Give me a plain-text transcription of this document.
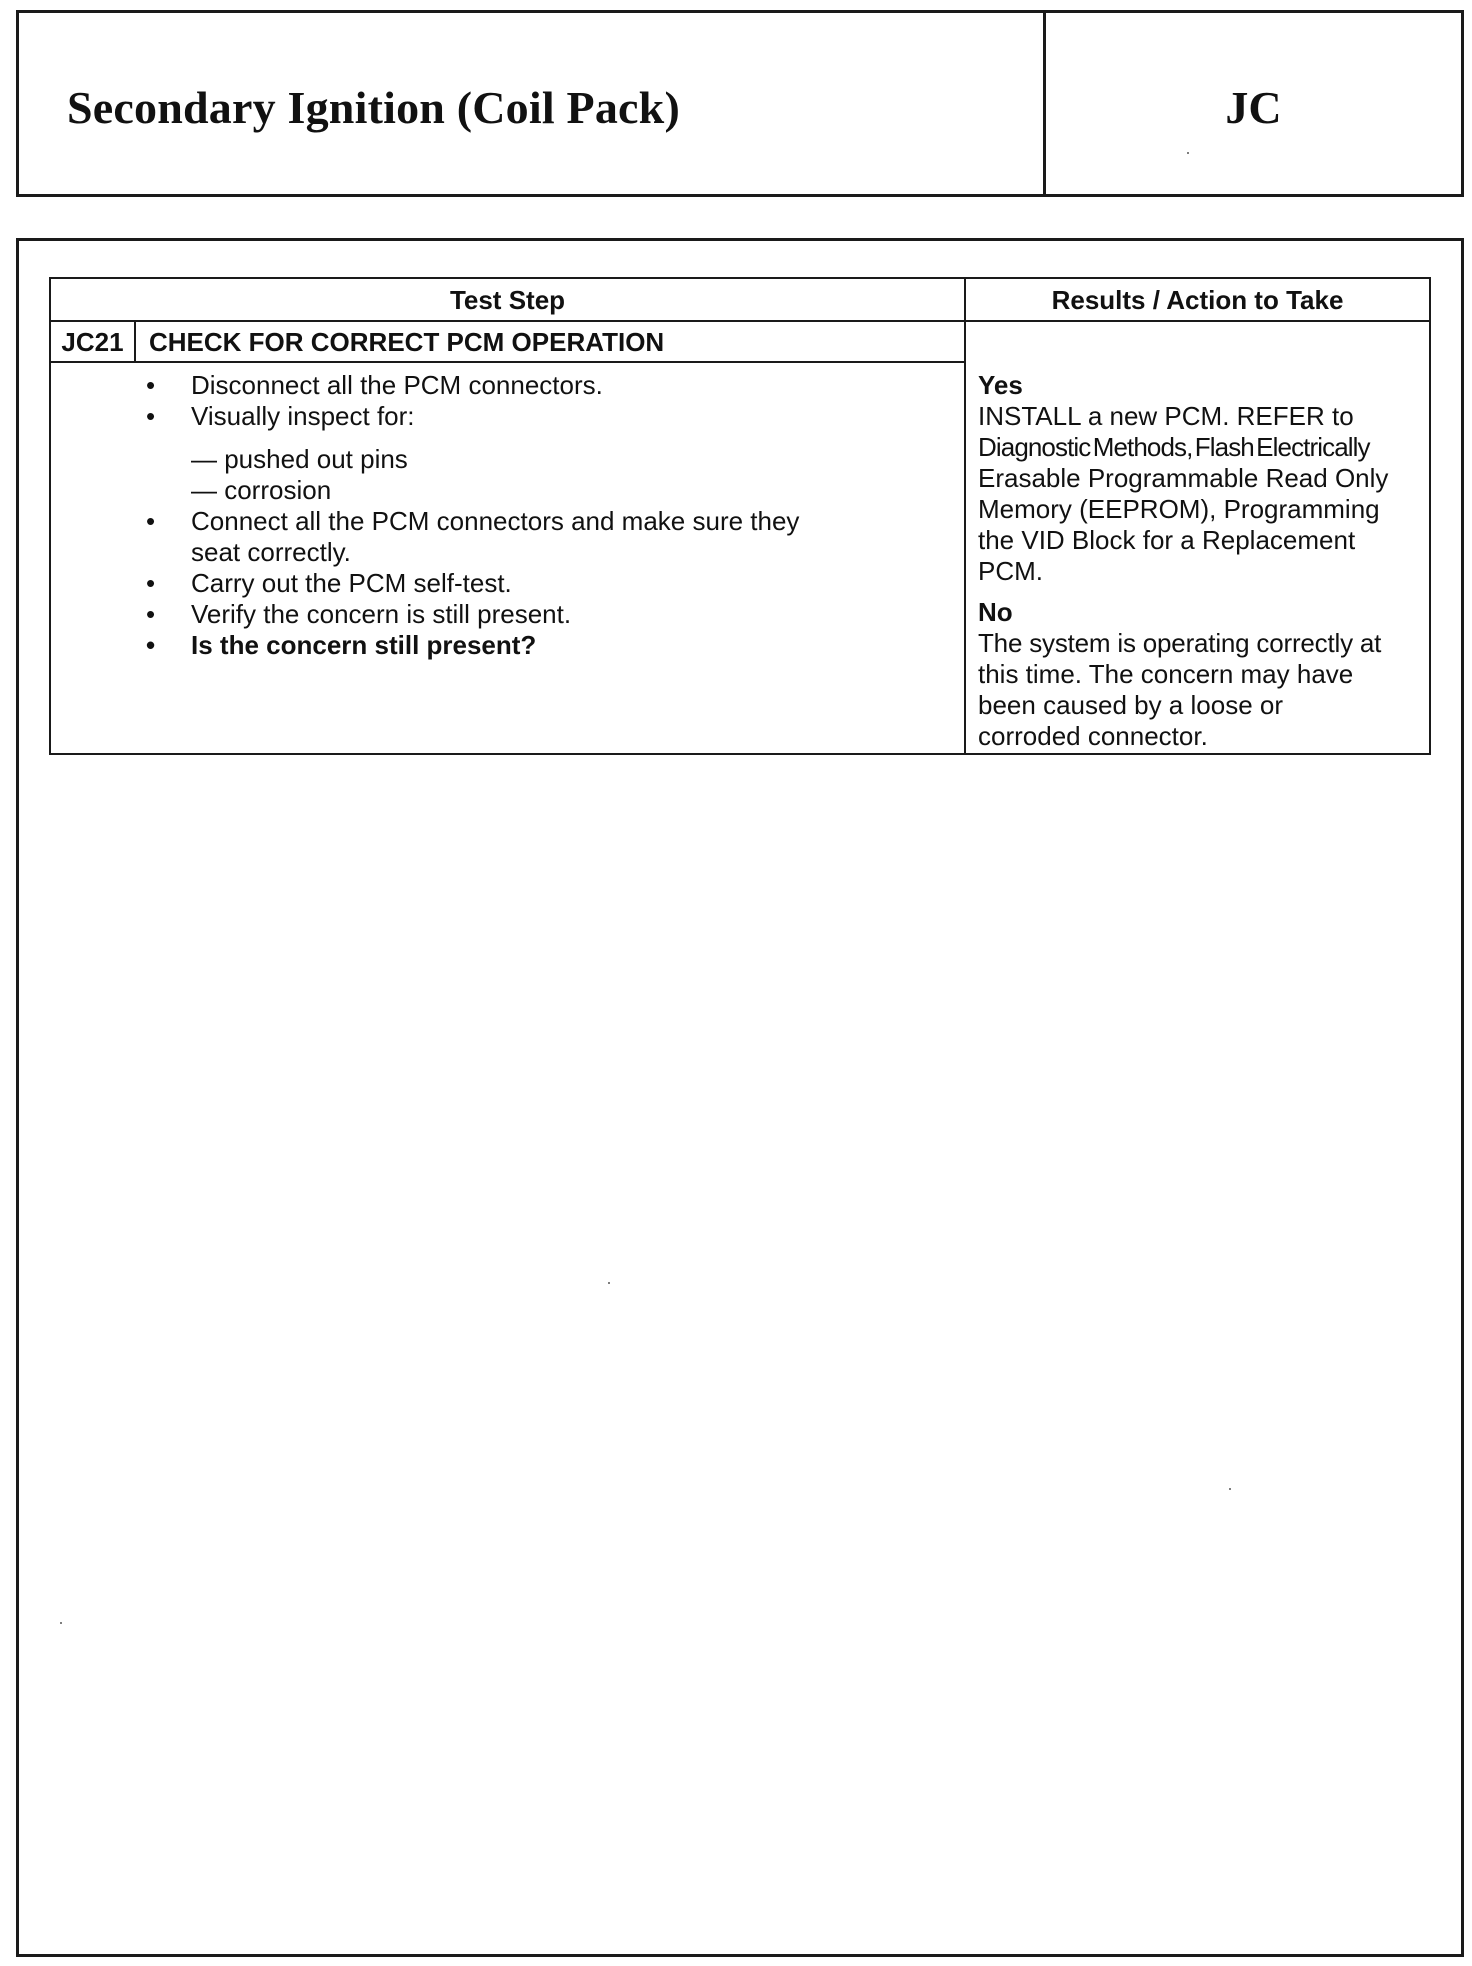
Secondary Ignition (Coil Pack)	JC
Test Step	Results / Action to Take
JC21 CHECK FOR CORRECT PCM OPERATION
• Disconnect all the PCM connectors.
• Visually inspect for:
— pushed out pins
— corrosion
• Connect all the PCM connectors and make sure they
seat correctly.
• Carry out the PCM self-test.
• Verify the concern is still present.
• Is the concern still present?
Yes
INSTALL a new PCM. REFER to
Diagnostic Methods, Flash Electrically
Erasable Programmable Read Only
Memory (EEPROM), Programming
the VID Block for a Replacement
PCM.
No
The system is operating correctly at
this time. The concern may have
been caused by a loose or
corroded connector.
